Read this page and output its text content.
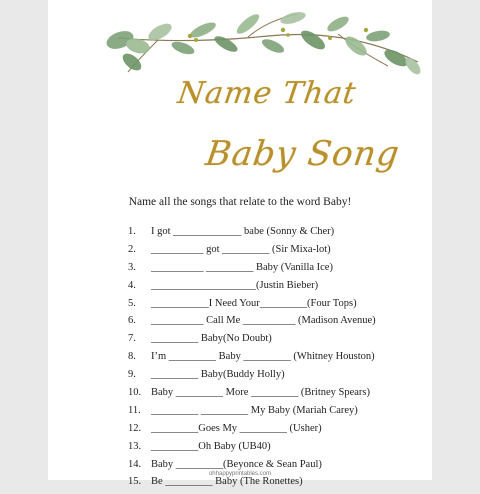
Name That
Baby Song
Name all the songs that relate to the word Baby!
1.	I got _____________ babe (Sonny & Cher)
2.	__________ got _________ (Sir Mixa-lot)
3.	__________ _________ Baby (Vanilla Ice)
4.	____________________(Justin Bieber)
5.	___________I Need Your_________(Four Tops)
6.	__________ Call Me __________ (Madison Avenue)
7.	_________ Baby(No Doubt)
8.	I’m _________ Baby _________ (Whitney Houston)
9.	_________ Baby(Buddy Holly)
10. Baby _________ More _________ (Britney Spears)
11. _________ _________ My Baby (Mariah Carey)
12. _________Goes My _________ (Usher)
13. _________Oh Baby (UB40)
14. Baby _________(Beyonce & Sean Paul)
15. Be _________ Baby (The Ronettes)
ohhappyprintables.com
